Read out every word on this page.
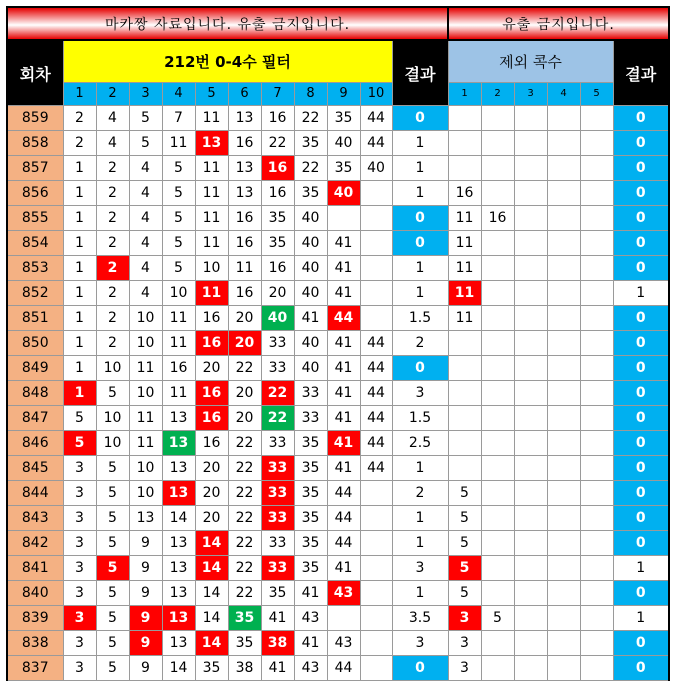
마카짱 자료입니다. 유출 금지입니다.												유출 금지입니다.					
회차	212번 0-4수 필터										결과	제외 콕수					결과
	1	2	3	4	5	6	7	8	9	10		1	2	3	4	5	
859	2	4	5	7	11	13	16	22	35	44	0						0
858	2	4	5	11	13	16	22	35	40	44	1						0
857	1	2	4	5	11	13	16	22	35	40	1						0
856	1	2	4	5	11	13	16	35	40		1	16					0
855	1	2	4	5	11	16	35	40			0	11	16				0
854	1	2	4	5	11	16	35	40	41		0	11					0
853	1	2	4	5	10	11	16	40	41		1	11					0
852	1	2	4	10	11	16	20	40	41		1	11					1
851	1	2	10	11	16	20	40	41	44		1.5	11					0
850	1	2	10	11	16	20	33	40	41	44	2						0
849	1	10	11	16	20	22	33	40	41	44	0						0
848	1	5	10	11	16	20	22	33	41	44	3						0
847	5	10	11	13	16	20	22	33	41	44	1.5						0
846	5	10	11	13	16	22	33	35	41	44	2.5						0
845	3	5	10	13	20	22	33	35	41	44	1						0
844	3	5	10	13	20	22	33	35	44		2	5					0
843	3	5	13	14	20	22	33	35	44		1	5					0
842	3	5	9	13	14	22	33	35	44		1	5					0
841	3	5	9	13	14	22	33	35	41		3	5					1
840	3	5	9	13	14	22	35	41	43		1	5					0
839	3	5	9	13	14	35	41	43			3.5	3	5				1
838	3	5	9	13	14	35	38	41	43		3	3					0
837	3	5	9	14	35	38	41	43	44		0	3					0
